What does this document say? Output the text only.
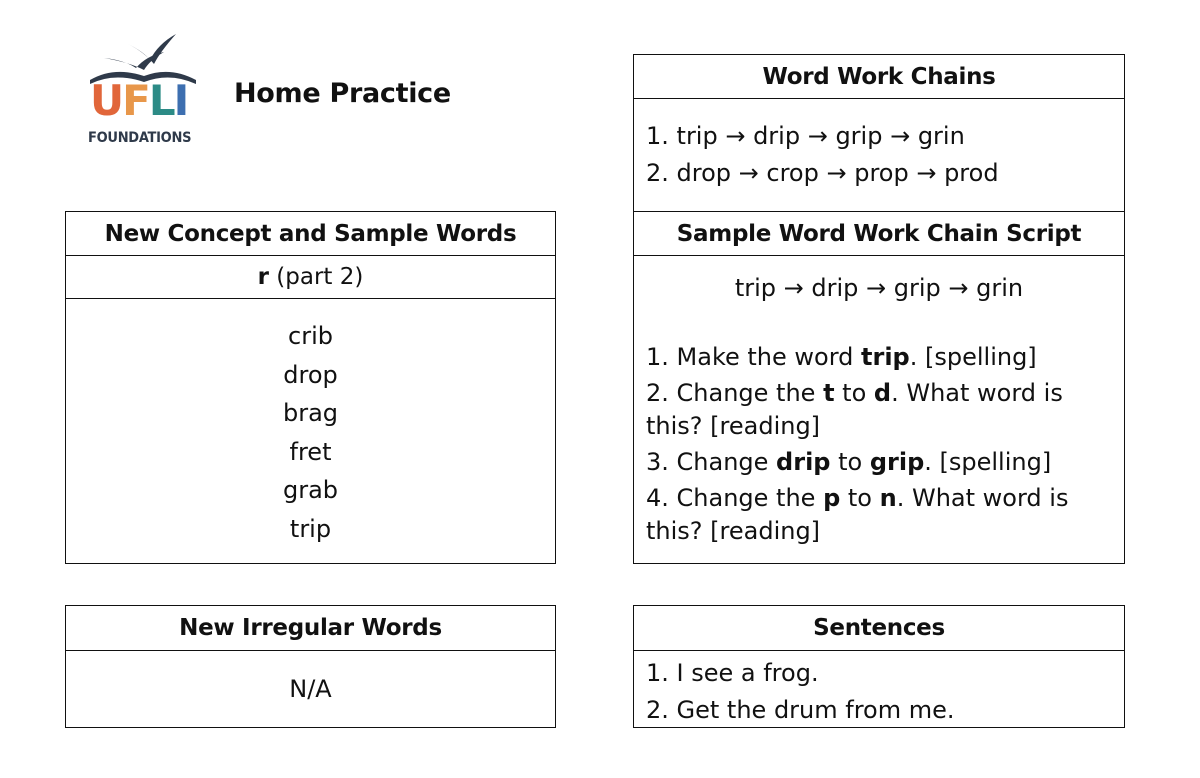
UFLI
FOUNDATIONS
Home Practice
New Concept and Sample Words
r (part 2)
crib
drop
brag
fret
grab
trip
Word Work Chains
1. trip → drip → grip → grin
2. drop → crop → prop → prod
Sample Word Work Chain Script
trip → drip → grip → grin
1. Make the word trip. [spelling]
2. Change the t to d. What word is
this? [reading]
3. Change drip to grip. [spelling]
4. Change the p to n. What word is
this? [reading]
New Irregular Words
N/A
Sentences
1. I see a frog.
2. Get the drum from me.
